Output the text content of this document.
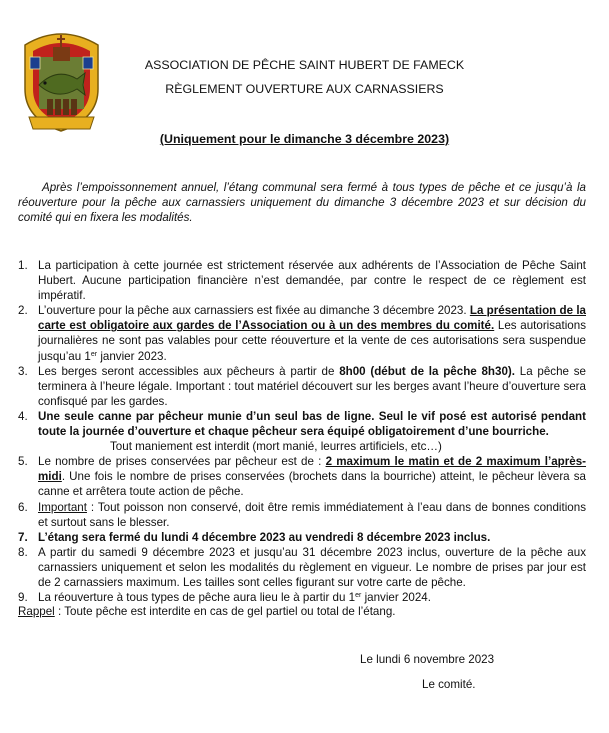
ASSOCIATION DE PÊCHE SAINT HUBERT DE FAMECK
RÈGLEMENT OUVERTURE AUX CARNASSIERS
(Uniquement pour le dimanche 3 décembre 2023)
Après l’empoissonnement annuel, l’étang communal sera fermé à tous types de pêche et ce jusqu’à la réouverture pour la pêche aux carnassiers uniquement du dimanche 3 décembre 2023 et sur décision du comité qui en fixera les modalités.
1. La participation à cette journée est strictement réservée aux adhérents de l’Association de Pêche Saint Hubert. Aucune participation financière n’est demandée, par contre le respect de ce règlement est impératif.
2. L’ouverture pour la pêche aux carnassiers est fixée au dimanche 3 décembre 2023. La présentation de la carte est obligatoire aux gardes de l’Association ou à un des membres du comité. Les autorisations journalières ne sont pas valables pour cette réouverture et la vente de ces autorisations sera suspendue jusqu’au 1er janvier 2023.
3. Les berges seront accessibles aux pêcheurs à partir de 8h00 (début de la pêche 8h30). La pêche se terminera à l’heure légale. Important : tout matériel découvert sur les berges avant l’heure d’ouverture sera confisqué par les gardes.
4. Une seule canne par pêcheur munie d’un seul bas de ligne. Seul le vif posé est autorisé pendant toute la journée d’ouverture et chaque pêcheur sera équipé obligatoirement d’une bourriche.
Tout maniement est interdit (mort manié, leurres artificiels, etc…)
5. Le nombre de prises conservées par pêcheur est de : 2 maximum le matin et de 2 maximum l’après-midi. Une fois le nombre de prises conservées (brochets dans la bourriche) atteint, le pêcheur lèvera sa canne et arrêtera toute action de pêche.
6. Important : Tout poisson non conservé, doit être remis immédiatement à l’eau dans de bonnes conditions et surtout sans le blesser.
7. L’étang sera fermé du lundi 4 décembre 2023 au vendredi 8 décembre 2023 inclus.
8. A partir du samedi 9 décembre 2023 et jusqu’au 31 décembre 2023 inclus, ouverture de la pêche aux carnassiers uniquement et selon les modalités du règlement en vigueur. Le nombre de prises par jour est de 2 carnassiers maximum. Les tailles sont celles figurant sur votre carte de pêche.
9. La réouverture à tous types de pêche aura lieu le à partir du 1er janvier 2024.
Rappel : Toute pêche est interdite en cas de gel partiel ou total de l’étang.
Le lundi 6 novembre 2023
Le comité.
